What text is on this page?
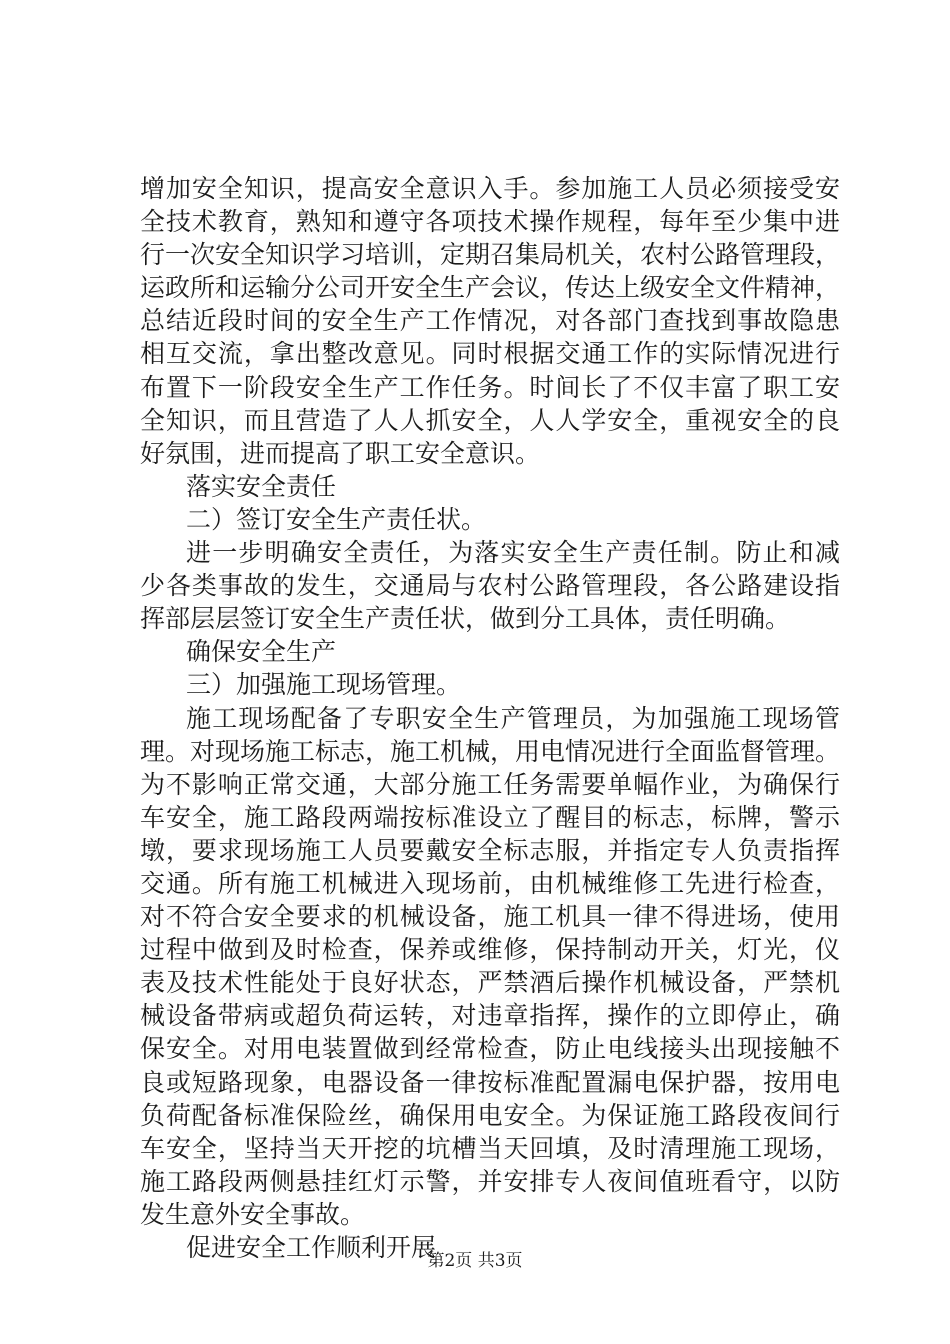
增加安全知识，提高安全意识入手。参加施工人员必须接受安
全技术教育，熟知和遵守各项技术操作规程，每年至少集中进
行一次安全知识学习培训，定期召集局机关，农村公路管理段，
运政所和运输分公司开安全生产会议，传达上级安全文件精神，
总结近段时间的安全生产工作情况，对各部门查找到事故隐患
相互交流，拿出整改意见。同时根据交通工作的实际情况进行
布置下一阶段安全生产工作任务。时间长了不仅丰富了职工安
全知识，而且营造了人人抓安全，人人学安全，重视安全的良
好氛围，进而提高了职工安全意识。
落实安全责任
二）签订安全生产责任状。
进一步明确安全责任，为落实安全生产责任制。防止和减
少各类事故的发生，交通局与农村公路管理段，各公路建设指
挥部层层签订安全生产责任状，做到分工具体，责任明确。
确保安全生产
三）加强施工现场管理。
施工现场配备了专职安全生产管理员，为加强施工现场管
理。对现场施工标志，施工机械，用电情况进行全面监督管理。
为不影响正常交通，大部分施工任务需要单幅作业，为确保行
车安全，施工路段两端按标准设立了醒目的标志，标牌，警示
墩，要求现场施工人员要戴安全标志服，并指定专人负责指挥
交通。所有施工机械进入现场前，由机械维修工先进行检查，
对不符合安全要求的机械设备，施工机具一律不得进场，使用
过程中做到及时检查，保养或维修，保持制动开关，灯光，仪
表及技术性能处于良好状态，严禁酒后操作机械设备，严禁机
械设备带病或超负荷运转，对违章指挥，操作的立即停止，确
保安全。对用电装置做到经常检查，防止电线接头出现接触不
良或短路现象，电器设备一律按标准配置漏电保护器，按用电
负荷配备标准保险丝，确保用电安全。为保证施工路段夜间行
车安全，坚持当天开挖的坑槽当天回填，及时清理施工现场，
施工路段两侧悬挂红灯示警，并安排专人夜间值班看守，以防
发生意外安全事故。
促进安全工作顺利开展
第2页 共3页
